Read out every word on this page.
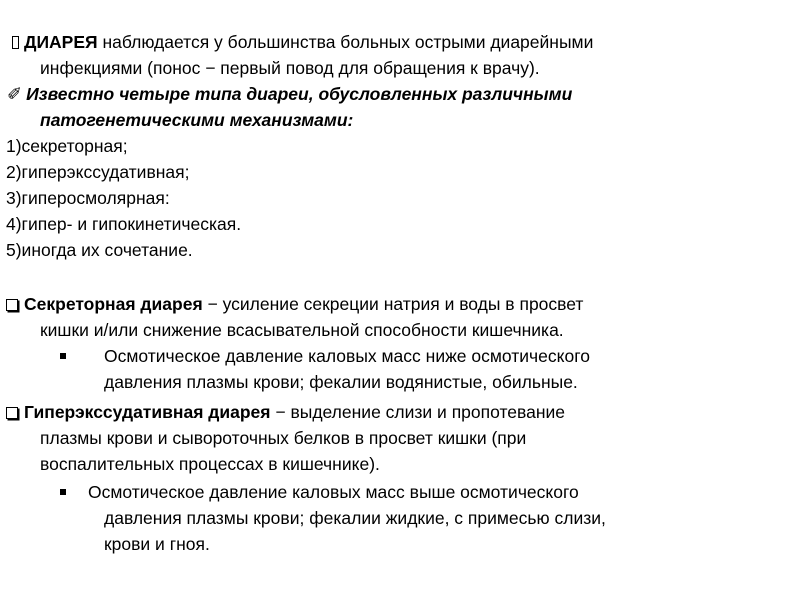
ДИАРЕЯ наблюдается у большинства больных острыми диарейными
инфекциями (понос − первый повод для обращения к врачу).
✐ Известно четыре типа диареи, обусловленных различными
патогенетическими механизмами:
1)секреторная;
2)гиперэкссудативная;
3)гиперосмолярная:
4)гипер- и гипокинетическая.
5)иногда их сочетание.
Секреторная диарея − усиление секреции натрия и воды в просвет
кишки и/или снижение всасывательной способности кишечника.
Осмотическое давление каловых масс ниже осмотического
давления плазмы крови; фекалии водянистые, обильные.
Гиперэкссудативная диарея − выделение слизи и пропотевание
плазмы крови и сывороточных белков в просвет кишки (при
воспалительных процессах в кишечнике).
Осмотическое давление каловых масс выше осмотического
давления плазмы крови; фекалии жидкие, с примесью слизи,
крови и гноя.
